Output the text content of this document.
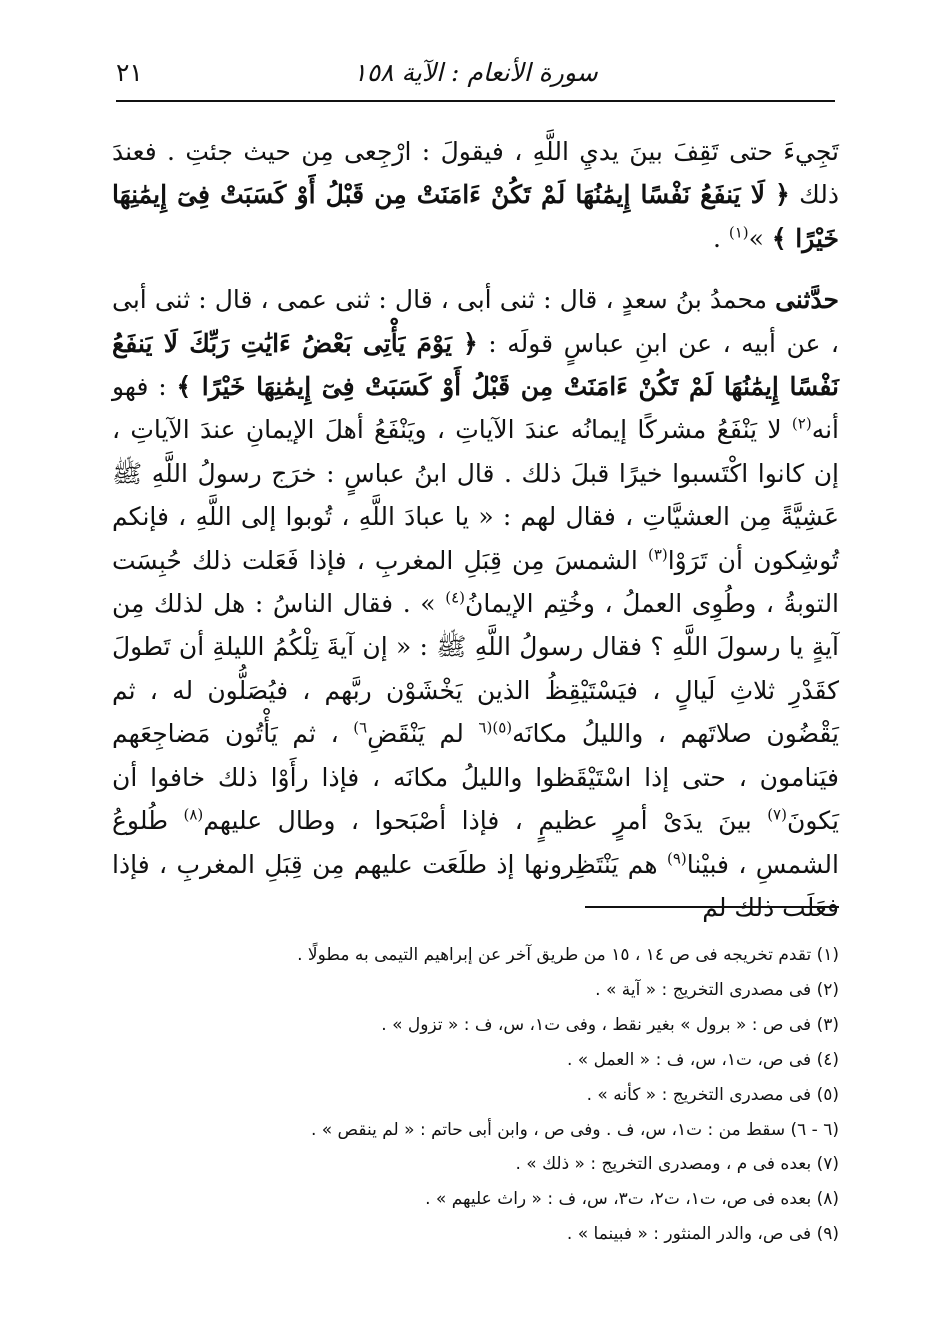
سورة الأنعام : الآية ١٥٨
٢١

تَجِيءَ حتى تَقِفَ بينَ يديِ اللَّهِ ، فيقولَ : ارْجِعى مِن حيث جئتِ . فعندَ ذلك ﴿ لَا يَنفَعُ نَفْسًا إِيمَٰنُهَا لَمْ تَكُنْ ءَامَنَتْ مِن قَبْلُ أَوْ كَسَبَتْ فِىٓ إِيمَٰنِهَا خَيْرًا ﴾ »$^{(١)}$ .

حدَّثنى محمدُ بنُ سعدٍ ، قال : ثنى أبى ، قال : ثنى عمى ، قال : ثنى أبى ، عن أبيه ، عن ابنِ عباسٍ قولَه : ﴿ يَوْمَ يَأْتِى بَعْضُ ءَايَٰتِ رَبِّكَ لَا يَنفَعُ نَفْسًا إِيمَٰنُهَا لَمْ تَكُنْ ءَامَنَتْ مِن قَبْلُ أَوْ كَسَبَتْ فِىٓ إِيمَٰنِهَا خَيْرًا ﴾ : فهو أنه$^{(٢)}$ لا يَنْفَعُ مشركًا إيمانُه عندَ الآياتِ ، ويَنْفَعُ أهلَ الإيمانِ عندَ الآياتِ ، إن كانوا اكْتَسبوا خيرًا قبلَ ذلك . قال ابنُ عباسٍ : خرَج رسولُ اللَّهِ ﷺ عَشِيَّةً مِن العشيَّاتِ ، فقال لهم : « يا عبادَ اللَّهِ ، تُوبوا إلى اللَّهِ ، فإنكم تُوشِكون أن تَرَوْا$^{(٣)}$ الشمسَ مِن قِبَلِ المغربِ ، فإذا فَعَلت ذلك حُبِسَت التوبةُ ، وطُوِى العملُ ، وخُتِم الإيمانُ$^{(٤)}$ » . فقال الناسُ : هل لذلك مِن آيةٍ يا رسولَ اللَّهِ ؟ فقال رسولُ اللَّهِ ﷺ : « إن آيةَ تِلْكُمُ الليلةِ أن تَطولَ كقَدْرِ ثلاثِ لَيالٍ ، فيَسْتَيْقِظُ الذين يَخْشَوْن ربَّهم ، فيُصَلُّون له ، ثم يَقْضُون صلاتَهم ، والليلُ مكانَه$^{(٥)(٦}$ لم يَنْقَضِ$^{٦)}$ ، ثم يَأْتُون مَضاجِعَهم فيَنامون ، حتى إذا اسْتَيْقَظوا والليلُ مكانَه ، فإذا رأَوْا ذلك خافوا أن يَكونَ$^{(٧)}$ بينَ يدَىْ أمرٍ عظيمٍ ، فإذا أصْبَحوا ، وطال عليهم$^{(٨)}$ طُلوعُ الشمسِ ، فبيْنا$^{(٩)}$ هم يَنْتَظِرونها إذ طلَعَت عليهم مِن قِبَلِ المغربِ ، فإذا فعَلَت ذلك لم

(١) تقدم تخريجه فى ص ١٤ ، ١٥ من طريق آخر عن إبراهيم التيمى به مطولًا .
(٢) فى مصدرى التخريج : « آية » .
(٣) فى ص : « برول » بغير نقط ، وفى ت١، س، ف : « تزول » .
(٤) فى ص، ت١، س، ف : « العمل » .
(٥) فى مصدرى التخريج : « كأنه » .
(٦ - ٦) سقط من : ت١، س، ف . وفى ص ، وابن أبى حاتم : « لم ينقص » .
(٧) بعده فى م ، ومصدرى التخريج : « ذلك » .
(٨) بعده فى ص، ت١، ت٢، ت٣، س، ف : « راث عليهم » .
(٩) فى ص، والدر المنثور : « فبينما » .
